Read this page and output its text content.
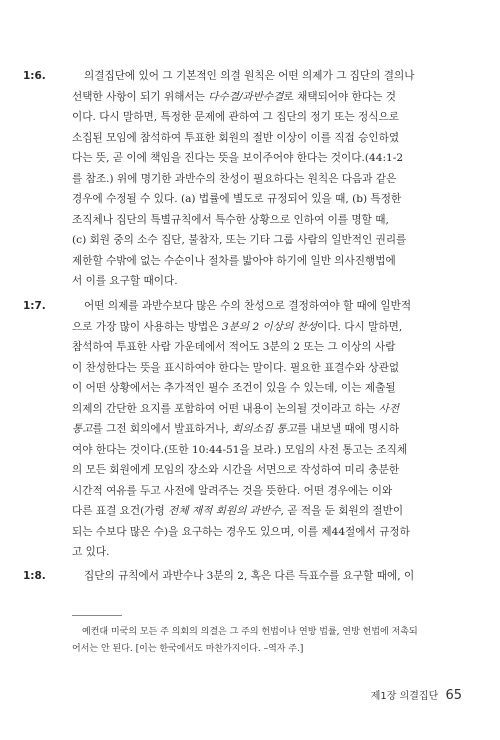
1:6.	의결집단에 있어 그 기본적인 의결 원칙은 어떤 의제가 그 집단의 결의나
선택한 사항이 되기 위해서는 다수결/과반수결로 채택되어야 한다는 것
이다. 다시 말하면, 특정한 문제에 관하여 그 집단의 정기 또는 정식으로
소집된 모임에 참석하여 투표한 회원의 절반 이상이 이를 직접 승인하였
다는 뜻, 곧 이에 책임을 진다는 뜻을 보이주어야 한다는 것이다.(44:1-2
를 참조.) 위에 명기한 과반수의 찬성이 필요하다는 원칙은 다음과 같은
경우에 수정될 수 있다. (a) 법률에 별도로 규정되어 있을 때, (b) 특정한
조직체나 집단의 특별규칙에서 특수한 상황으로 인하여 이를 명할 때,
(c) 회원 중의 소수 집단, 불참자, 또는 기타 그룹 사람의 일반적인 권리를
제한할 수밖에 없는 수순이나 절차를 밟아야 하기에 일반 의사진행법에
서 이를 요구할 때이다.
1:7.	어떤 의제를 과반수보다 많은 수의 찬성으로 결정하여야 할 때에 일반적
으로 가장 많이 사용하는 방법은 3분의 2 이상의 찬성이다. 다시 말하면,
참석하여 투표한 사람 가운데에서 적어도 3분의 2 또는 그 이상의 사람
이 찬성한다는 뜻을 표시하여야 한다는 말이다. 필요한 표결수와 상관없
이 어떤 상황에서는 추가적인 필수 조건이 있을 수 있는데, 이는 제출될
의제의 간단한 요지를 포함하여 어떤 내용이 논의될 것이라고 하는 사전
통고를 그전 회의에서 발표하거나, 회의소집 통고를 내보낼 때에 명시하
여야 한다는 것이다.(또한 10:44-51을 보라.) 모임의 사전 통고는 조직체
의 모든 회원에게 모임의 장소와 시간을 서면으로 작성하여 미리 충분한
시간적 여유를 두고 사전에 알려주는 것을 뜻한다. 어떤 경우에는 이와
다른 표결 요건(가령 전체 재적 회원의 과반수, 곧 적을 둔 회원의 절반이
되는 수보다 많은 수)을 요구하는 경우도 있으며, 이를 제44절에서 규정하
고 있다.
1:8.	집단의 규칙에서 과반수나 3분의 2, 혹은 다른 득표수를 요구할 때에, 이
예컨대 미국의 모든 주 의회의 의결은 그 주의 헌법이나 연방 법률, 연방 헌법에 저촉되
어서는 안 된다. [이는 한국에서도 마찬가지이다. –역자 주.]
제1장 의결집단 65
